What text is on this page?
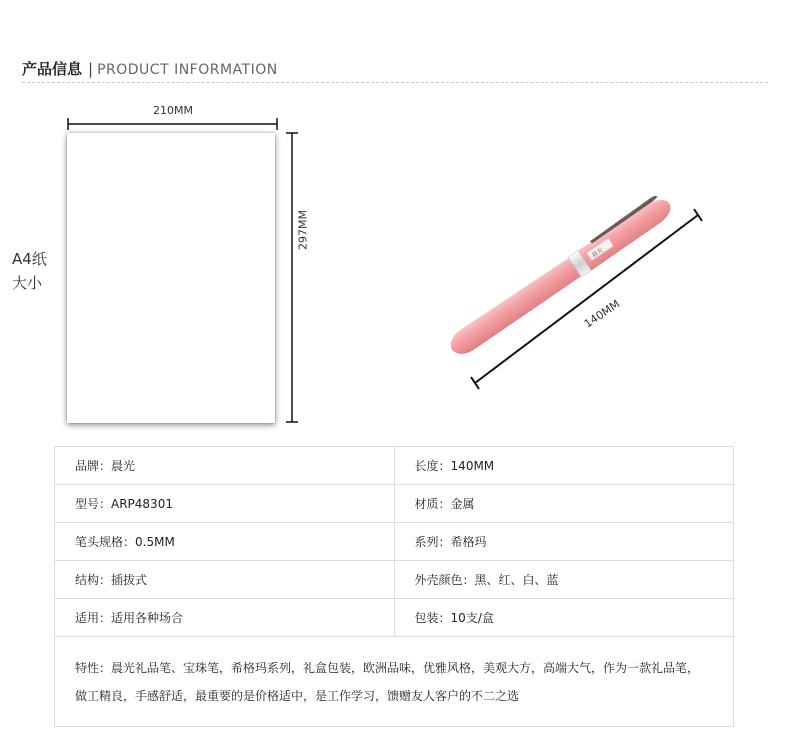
产品信息 | PRODUCT INFORMATION
A4纸
大小
晨光
210MM
297MM
140MM
品牌：晨光	长度：140MM
型号：ARP48301	材质：金属
笔头规格：0.5MM	系列：希格玛
结构：插拔式	外壳颜色：黑、红、白、蓝
适用：适用各种场合	包装：10支/盒

特性：晨光礼品笔、宝珠笔，希格玛系列，礼盒包装，欧洲品味，优雅风格，美观大方，高端大气，作为一款礼品笔，
做工精良，手感舒适，最重要的是价格适中，是工作学习，馈赠友人客户的不二之选	
